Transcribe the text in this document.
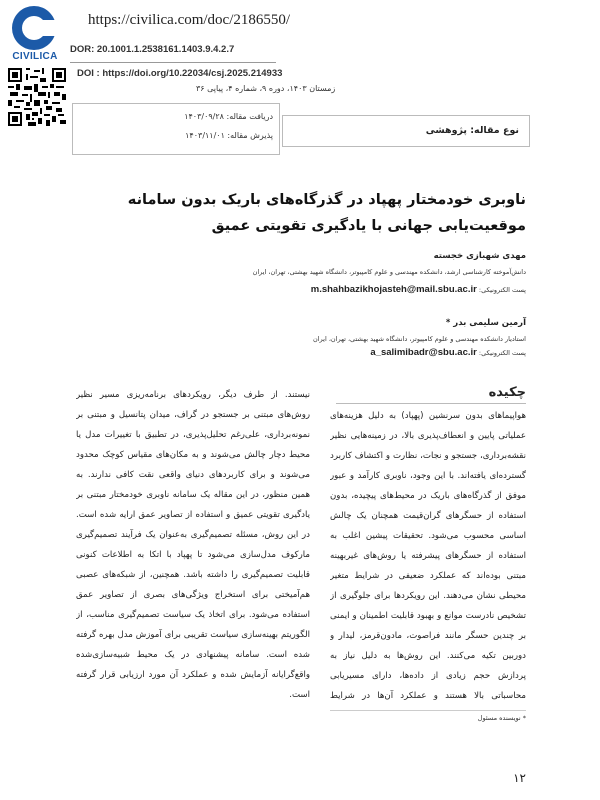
CIVILICA
https://civilica.com/doc/2186550/
DOR: 20.1001.1.2538161.1403.9.4.2.7
DOI : https://doi.org/10.22034/csj.2025.214933
زمستان ۱۴۰۳، دوره ۹، شماره ۴، پیاپی ۳۶
دریافت مقاله: ۱۴۰۳/۰۹/۲۸
پذیرش مقاله: ۱۴۰۳/۱۱/۰۱	نوع مقاله: پژوهشی
ناوبری خودمختار پهپاد در گذرگاه‌های باریک بدون سامانه موقعیت‌یابی جهانی با یادگیری تقویتی عمیق
مهدی شهبازی خجسته
دانش‌آموخته کارشناسی ارشد، دانشکده مهندسی و علوم کامپیوتر، دانشگاه شهید بهشتی، تهران، ایران
پست الکترونیکی: m.shahbazikhojasteh@mail.sbu.ac.ir
آرمین سلیمی بدر *
استادیار دانشکده مهندسی و علوم کامپیوتر، دانشگاه شهید بهشتی، تهران، ایران
پست الکترونیکی: a_salimibadr@sbu.ac.ir
چکیده
هواپیماهای بدون سرنشین (پهپاد) به دلیل هزینه‌های عملیاتی پایین و انعطاف‌پذیری بالا، در زمینه‌هایی نظیر نقشه‌برداری، جستجو و نجات، نظارت و اکتشاف کاربرد گسترده‌ای یافته‌اند. با این وجود، ناوبری کارآمد و عبور موفق از گذرگاه‌های باریک در محیط‌های پیچیده، بدون استفاده از حسگرهای گران‌قیمت همچنان یک چالش اساسی محسوب می‌شود. تحقیقات پیشین اغلب به استفاده از حسگرهای پیشرفته یا روش‌های غیربهینه مبتنی بوده‌اند که عملکرد ضعیفی در شرایط متغیر محیطی نشان می‌دهند. این رویکردها برای جلوگیری از تشخیص نادرست موانع و بهبود قابلیت اطمینان و ایمنی بر چندین حسگر مانند فراصوت، مادون‌قرمز، لیدار و دوربین تکیه می‌کنند. این روش‌ها به دلیل نیاز به پردازش حجم زیادی از داده‌ها، دارای مسیریابی محاسباتی بالا هستند و عملکرد آن‌ها در شرایط
نیستند. از طرف دیگر، رویکردهای برنامه‌ریزی مسیر نظیر روش‌های مبتنی بر جستجو در گراف، میدان پتانسیل و مبتنی بر نمونه‌برداری، علی‌رغم تحلیل‌پذیری، در تطبیق با تغییرات مدل یا محیط دچار چالش می‌شوند و به مکان‌های مقیاس کوچک محدود می‌شوند و برای کاربردهای دنیای واقعی نقت کافی ندارند. به همین منظور، در این مقاله یک سامانه ناوبری خودمختار مبتنی بر یادگیری تقویتی عمیق و استفاده از تصاویر عمق ارایه شده است. در این روش، مسئله تصمیم‌گیری به‌عنوان یک فرآیند تصمیم‌گیری مارکوف مدل‌سازی می‌شود تا پهپاد با اتکا به اطلاعات کنونی قابلیت تصمیم‌گیری را داشته باشد. همچنین، از شبکه‌های عصبی هم‌آمیختی برای استخراج ویژگی‌های بصری از تصاویر عمق استفاده می‌شود. برای اتخاذ یک سیاست تصمیم‌گیری مناسب، از الگوریتم بهینه‌سازی سیاست تقریبی برای آموزش مدل بهره گرفته شده است. سامانه پیشنهادی در یک محیط شبیه‌سازی‌شده واقع‌گرایانه آزمایش شده و عملکرد آن مورد ارزیابی قرار گرفته است.
* نویسنده مسئول
۱۲
